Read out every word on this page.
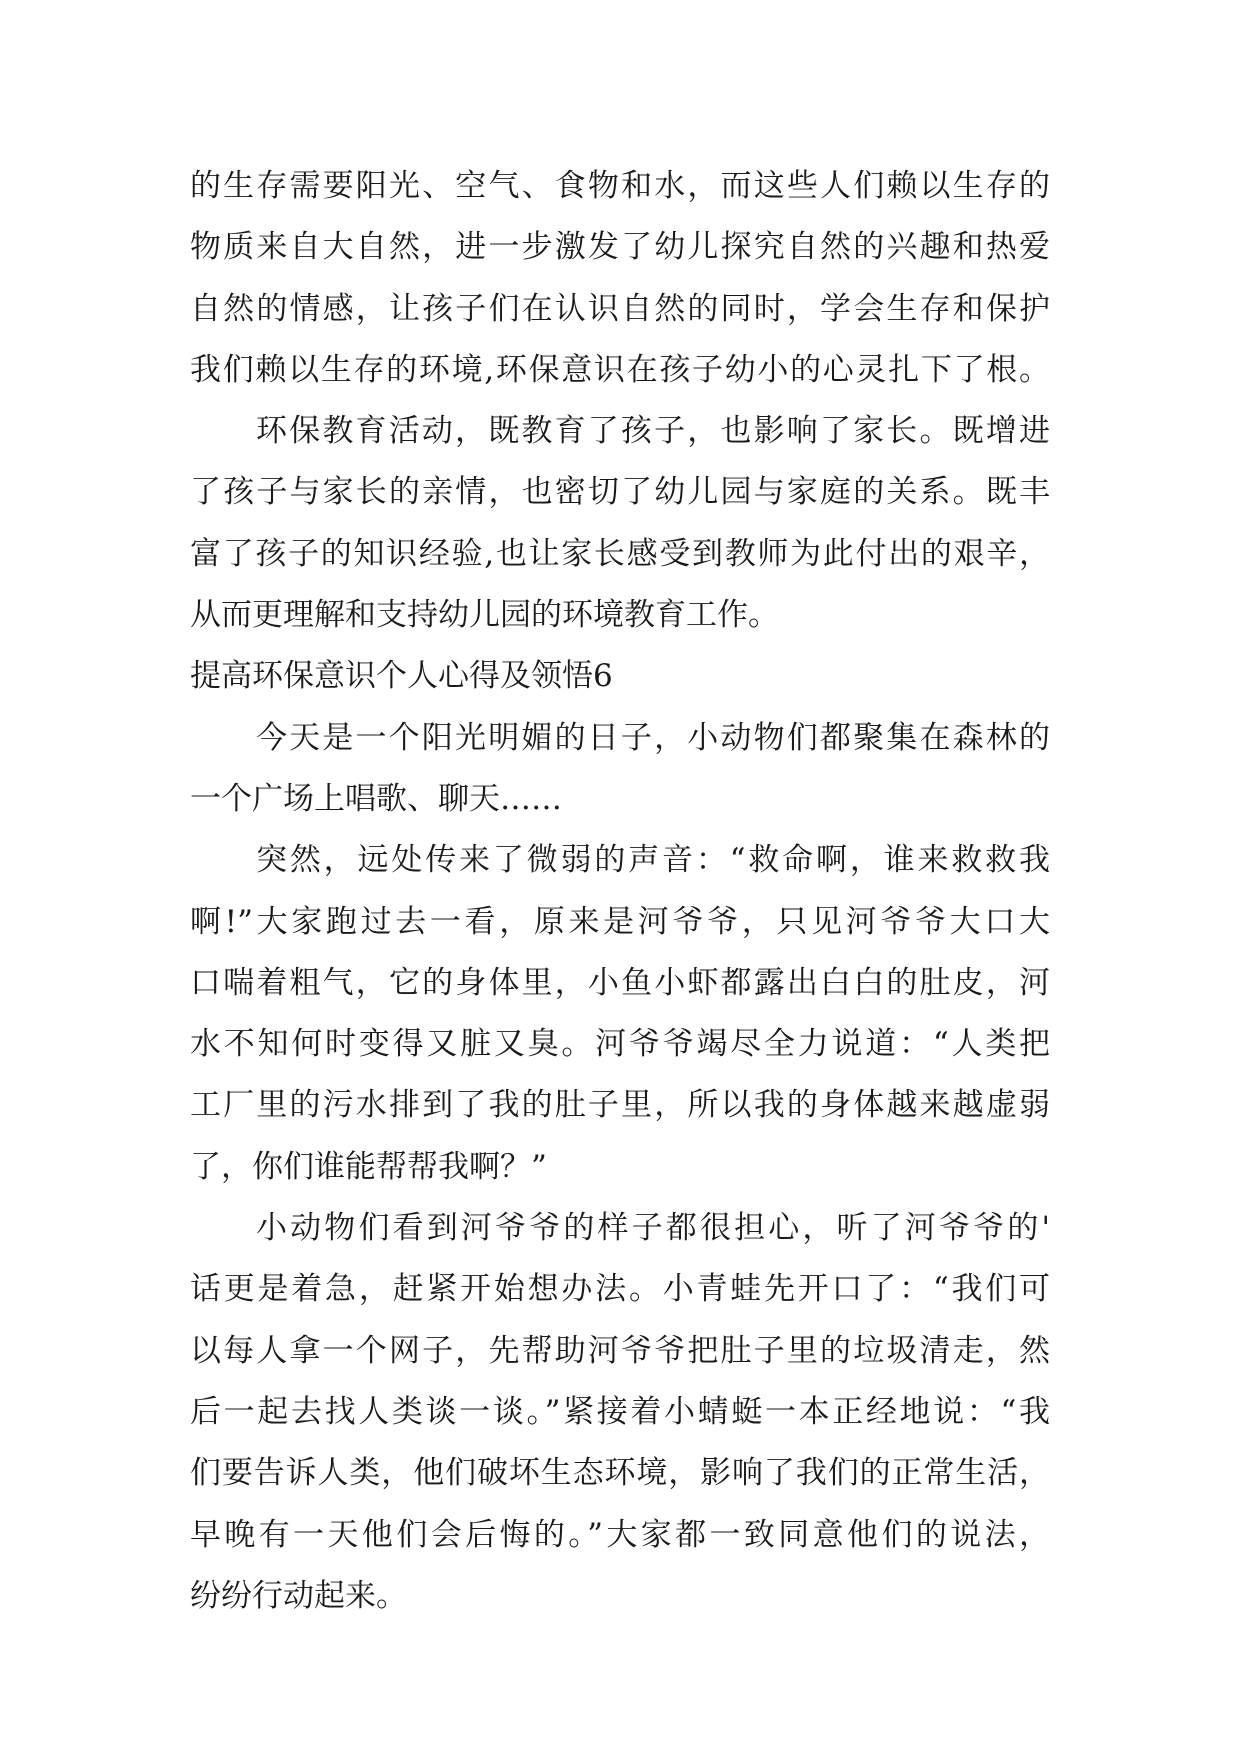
的生存需要阳光、空气、食物和水，而这些人们赖以生存的
物质来自大自然，进一步激发了幼儿探究自然的兴趣和热爱
自然的情感，让孩子们在认识自然的同时，学会生存和保护
我们赖以生存的环境,环保意识在孩子幼小的心灵扎下了根。
环保教育活动，既教育了孩子，也影响了家长。既增进
了孩子与家长的亲情，也密切了幼儿园与家庭的关系。既丰
富了孩子的知识经验,也让家长感受到教师为此付出的艰辛，
从而更理解和支持幼儿园的环境教育工作。
提高环保意识个人心得及领悟6
今天是一个阳光明媚的日子，小动物们都聚集在森林的
一个广场上唱歌、聊天……
突然，远处传来了微弱的声音：“救命啊，谁来救救我
啊!”大家跑过去一看，原来是河爷爷，只见河爷爷大口大
口喘着粗气，它的身体里，小鱼小虾都露出白白的肚皮，河
水不知何时变得又脏又臭。河爷爷竭尽全力说道：“人类把
工厂里的污水排到了我的肚子里，所以我的身体越来越虚弱
了，你们谁能帮帮我啊？”
小动物们看到河爷爷的样子都很担心，听了河爷爷的'
话更是着急，赶紧开始想办法。小青蛙先开口了：“我们可
以每人拿一个网子，先帮助河爷爷把肚子里的垃圾清走，然
后一起去找人类谈一谈。”紧接着小蜻蜓一本正经地说：“我
们要告诉人类，他们破坏生态环境，影响了我们的正常生活，
早晚有一天他们会后悔的。”大家都一致同意他们的说法，
纷纷行动起来。
